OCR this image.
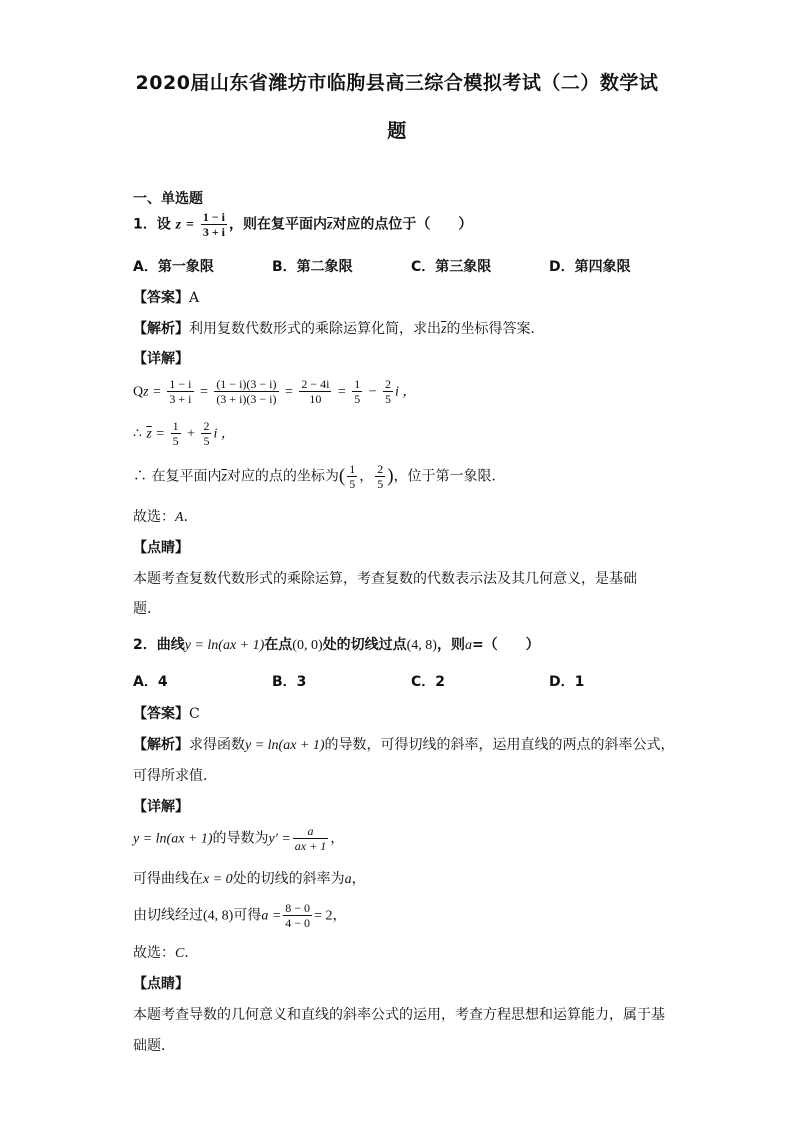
2020届山东省潍坊市临朐县高三综合模拟考试（二）数学试
题
一、单选题
1．设 $z = \frac{1 - i}{3 + i}$ ，则在复平面内$\overline{z}$对应的点位于（　　）
A．第一象限	B．第二象限	C．第三象限	D．第四象限
【答案】A
【解析】利用复数代数形式的乘除运算化简，求出$\overline{z}$的坐标得答案．
【详解】
$Qz = \frac{1 - i}{3 + i} = \frac{(1 - i)(3 - i)}{(3 + i)(3 - i)} = \frac{2 - 4i}{10} = \frac{1}{5} - \frac{2}{5}$ i ，
∴ $\overline{z} = \frac{1}{5} + \frac{2}{5}$ i ，
∴ 在复平面内$\overline{z}$对应的点的坐标为( $\frac{1}{5}$ ， $\frac{2}{5}$ )，位于第一象限．
故选：A．
【点睛】
本题考查复数代数形式的乘除运算，考查复数的代数表示法及其几何意义，是基础
题．
2．曲线y = ln(ax + 1)在点(0, 0)处的切线过点(4, 8)，则a=（　　）
A．4	B．3	C．2	D．1
【答案】C
【解析】求得函数y = ln(ax + 1)的导数，可得切线的斜率，运用直线的两点的斜率公式，
可得所求值．
【详解】
y = ln(ax + 1)的导数为$y' = \frac{a}{ax + 1}$ ，
可得曲线在x = 0处的切线的斜率为a，
由切线经过(4, 8)可得$a = \frac{8 - 0}{4 - 0} = 2$，
故选：C．
【点睛】
本题考查导数的几何意义和直线的斜率公式的运用，考查方程思想和运算能力，属于基
础题．
